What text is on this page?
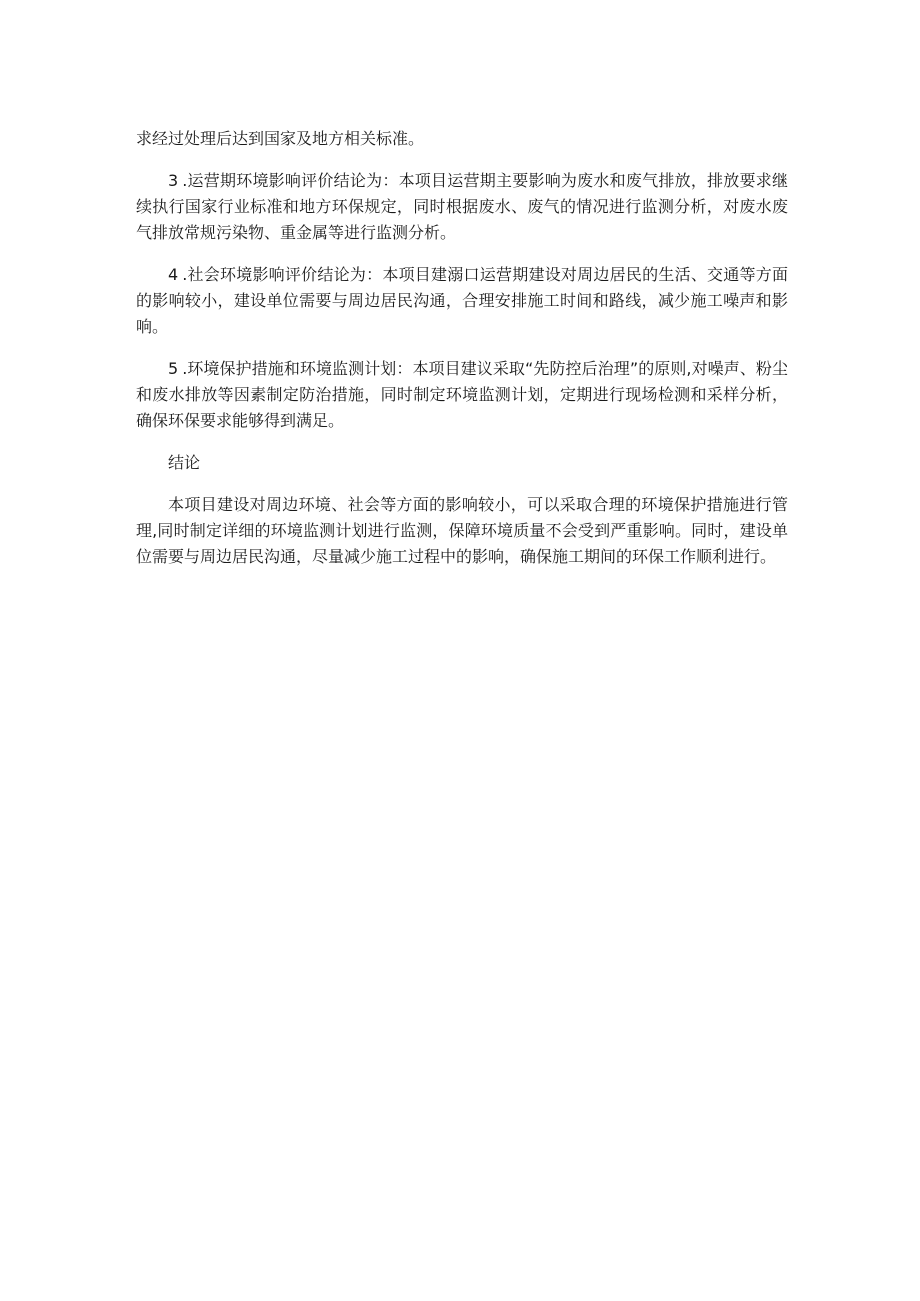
求经过处理后达到国家及地方相关标准。

3 .运营期环境影响评价结论为：本项目运营期主要影响为废水和废气排放，排放要求继续执行国家行业标准和地方环保规定，同时根据废水、废气的情况进行监测分析，对废水废气排放常规污染物、重金属等进行监测分析。

4 .社会环境影响评价结论为：本项目建溺口运营期建设对周边居民的生活、交通等方面的影响较小，建设单位需要与周边居民沟通，合理安排施工时间和路线，减少施工噪声和影响。

5 .环境保护措施和环境监测计划：本项目建议采取“先防控后治理”的原则,对噪声、粉尘和废水排放等因素制定防治措施，同时制定环境监测计划，定期进行现场检测和采样分析，确保环保要求能够得到满足。

结论

本项目建设对周边环境、社会等方面的影响较小，可以采取合理的环境保护措施进行管理,同时制定详细的环境监测计划进行监测，保障环境质量不会受到严重影响。同时，建设单位需要与周边居民沟通，尽量减少施工过程中的影响，确保施工期间的环保工作顺利进行。
